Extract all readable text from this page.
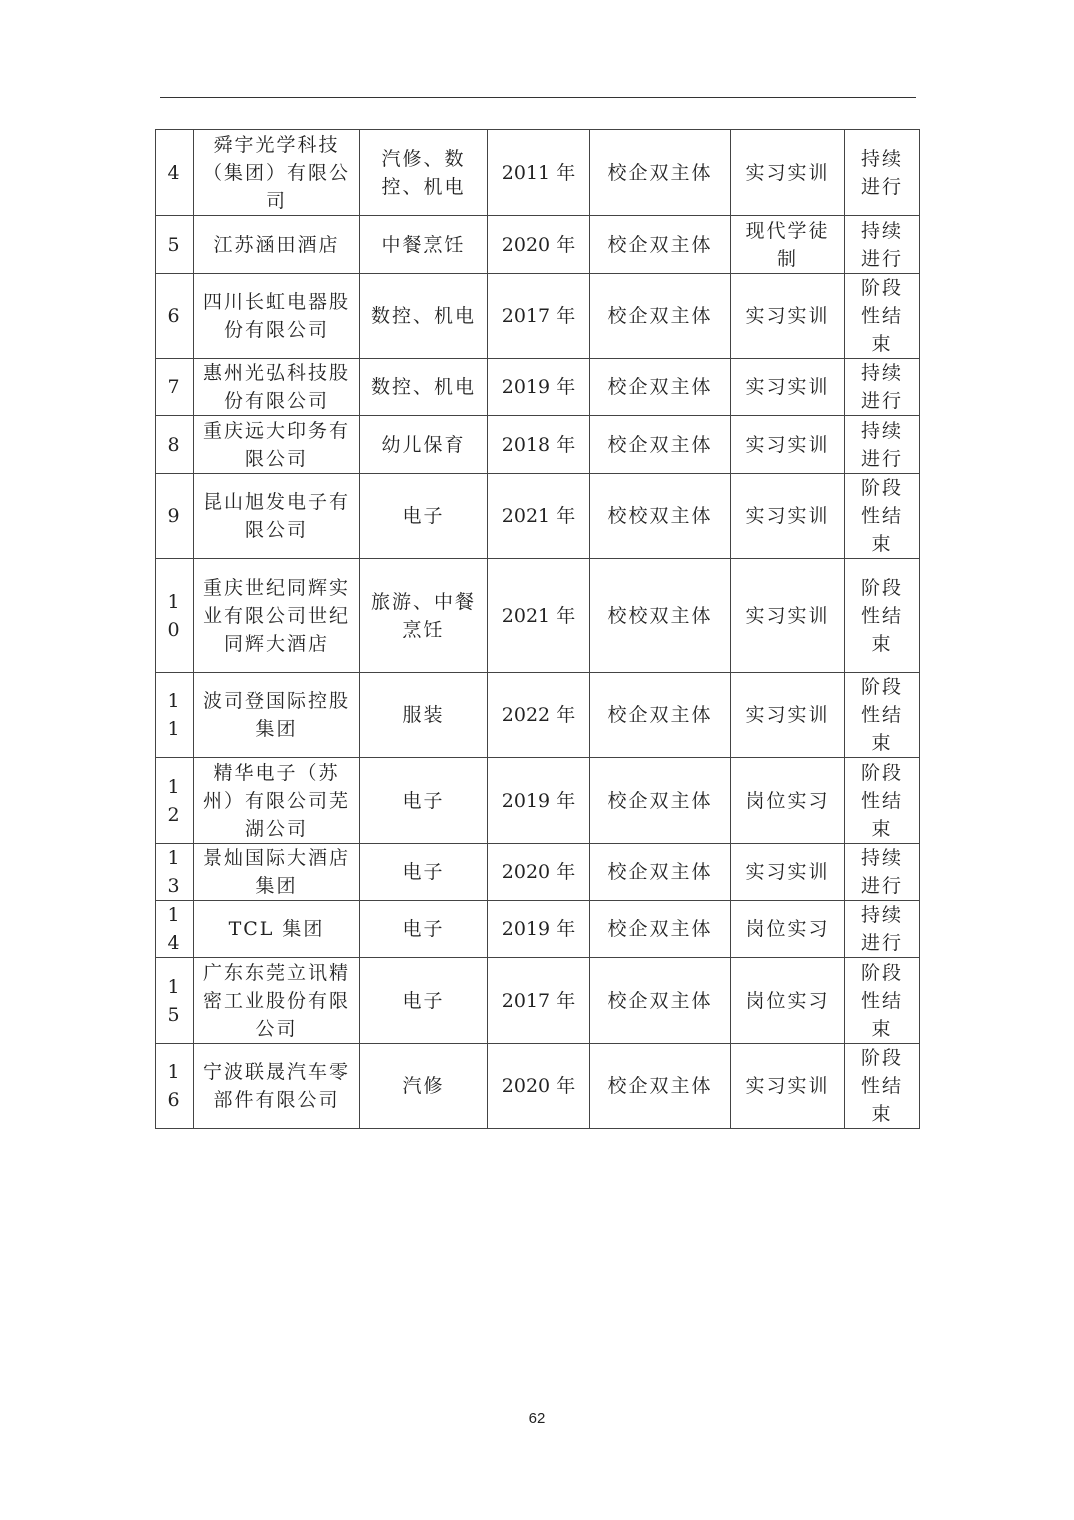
4	舜宇光学科技（集团）有限公司	汽修、数控、机电	2011 年	校企双主体	实习实训	持续进行
5	江苏涵田酒店	中餐烹饪	2020 年	校企双主体	现代学徒制	持续进行
6	四川长虹电器股份有限公司	数控、机电	2017 年	校企双主体	实习实训	阶段性结束
7	惠州光弘科技股份有限公司	数控、机电	2019 年	校企双主体	实习实训	持续进行
8	重庆远大印务有限公司	幼儿保育	2018 年	校企双主体	实习实训	持续进行
9	昆山旭发电子有限公司	电子	2021 年	校校双主体	实习实训	阶段性结束
10	重庆世纪同辉实业有限公司世纪同辉大酒店	旅游、中餐烹饪	2021 年	校校双主体	实习实训	阶段性结束
11	波司登国际控股集团	服装	2022 年	校企双主体	实习实训	阶段性结束
12	精华电子（苏州）有限公司芜湖公司	电子	2019 年	校企双主体	岗位实习	阶段性结束
13	景灿国际大酒店集团	电子	2020 年	校企双主体	实习实训	持续进行
14	TCL 集团	电子	2019 年	校企双主体	岗位实习	持续进行
15	广东东莞立讯精密工业股份有限公司	电子	2017 年	校企双主体	岗位实习	阶段性结束
16	宁波联晟汽车零部件有限公司	汽修	2020 年	校企双主体	实习实训	阶段性结束
62
